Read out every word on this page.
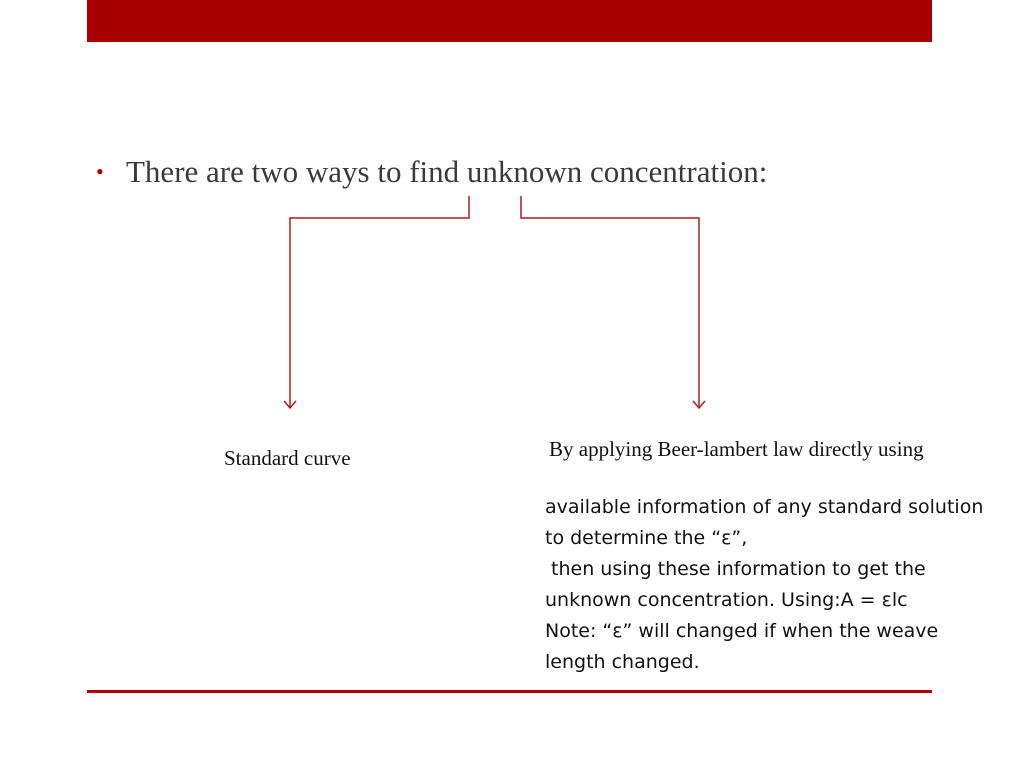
• There are two ways to find unknown concentration:
Standard curve	By applying Beer-lambert law directly using
available information of any standard solution
to determine the “ε”,
then using these information to get the
unknown concentration. Using:A = εlc
Note: “ε” will changed if when the weave
length changed.
